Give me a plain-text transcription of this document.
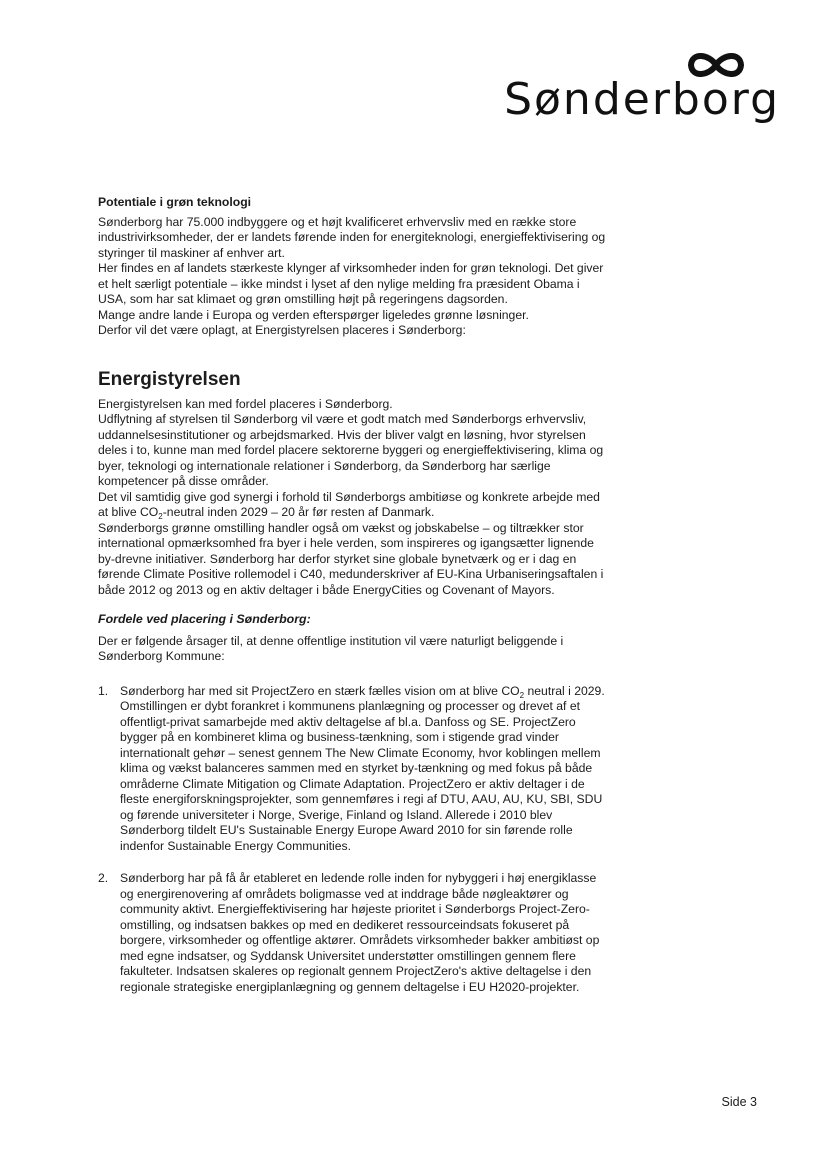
Sønderborg

Potentiale i grøn teknologi

Sønderborg har 75.000 indbyggere og et højt kvalificeret erhvervsliv med en række store industrivirksomheder, der er landets førende inden for energiteknologi, energieffektivisering og styringer til maskiner af enhver art.

Her findes en af landets stærkeste klynger af virksomheder inden for grøn teknologi. Det giver et helt særligt potentiale – ikke mindst i lyset af den nylige melding fra præsident Obama i USA, som har sat klimaet og grøn omstilling højt på regeringens dagsorden.

Mange andre lande i Europa og verden efterspørger ligeledes grønne løsninger.

Derfor vil det være oplagt, at Energistyrelsen placeres i Sønderborg:

Energistyrelsen

Energistyrelsen kan med fordel placeres i Sønderborg.

Udflytning af styrelsen til Sønderborg vil være et godt match med Sønderborgs erhvervsliv, uddannelsesinstitutioner og arbejdsmarked. Hvis der bliver valgt en løsning, hvor styrelsen deles i to, kunne man med fordel placere sektorerne byggeri og energieffektivisering, klima og byer, teknologi og internationale relationer i Sønderborg, da Sønderborg har særlige kompetencer på disse områder.

Det vil samtidig give god synergi i forhold til Sønderborgs ambitiøse og konkrete arbejde med at blive $CO_2$-neutral inden 2029 – 20 år før resten af Danmark.

Sønderborgs grønne omstilling handler også om vækst og jobskabelse – og tiltrækker stor international opmærksomhed fra byer i hele verden, som inspireres og igangsætter lignende by-drevne initiativer. Sønderborg har derfor styrket sine globale bynetværk og er i dag en førende Climate Positive rollemodel i C40, medunderskriver af EU-Kina Urbaniseringsaftalen i både 2012 og 2013 og en aktiv deltager i både EnergyCities og Covenant of Mayors.

Fordele ved placering i Sønderborg:

Der er følgende årsager til, at denne offentlige institution vil være naturligt beliggende i Sønderborg Kommune:

1. Sønderborg har med sit ProjectZero en stærk fælles vision om at blive $CO_2$ neutral i 2029. Omstillingen er dybt forankret i kommunens planlægning og processer og drevet af et offentligt-privat samarbejde med aktiv deltagelse af bl.a. Danfoss og SE. ProjectZero bygger på en kombineret klima og business-tænkning, som i stigende grad vinder internationalt gehør – senest gennem The New Climate Economy, hvor koblingen mellem klima og vækst balanceres sammen med en styrket by-tænkning og med fokus på både områderne Climate Mitigation og Climate Adaptation. ProjectZero er aktiv deltager i de fleste energiforskningsprojekter, som gennemføres i regi af DTU, AAU, AU, KU, SBI, SDU og førende universiteter i Norge, Sverige, Finland og Island. Allerede i 2010 blev Sønderborg tildelt EU's Sustainable Energy Europe Award 2010 for sin førende rolle indenfor Sustainable Energy Communities.
2. Sønderborg har på få år etableret en ledende rolle inden for nybyggeri i høj energiklasse og energirenovering af områdets boligmasse ved at inddrage både nøgleaktører og community aktivt. Energieffektivisering har højeste prioritet i Sønderborgs Project-Zero-omstilling, og indsatsen bakkes op med en dedikeret ressourceindsats fokuseret på borgere, virksomheder og offentlige aktører. Områdets virksomheder bakker ambitiøst op med egne indsatser, og Syddansk Universitet understøtter omstillingen gennem flere fakulteter. Indsatsen skaleres op regionalt gennem ProjectZero's aktive deltagelse i den regionale strategiske energiplanlægning og gennem deltagelse i EU H2020-projekter.
Side 3
